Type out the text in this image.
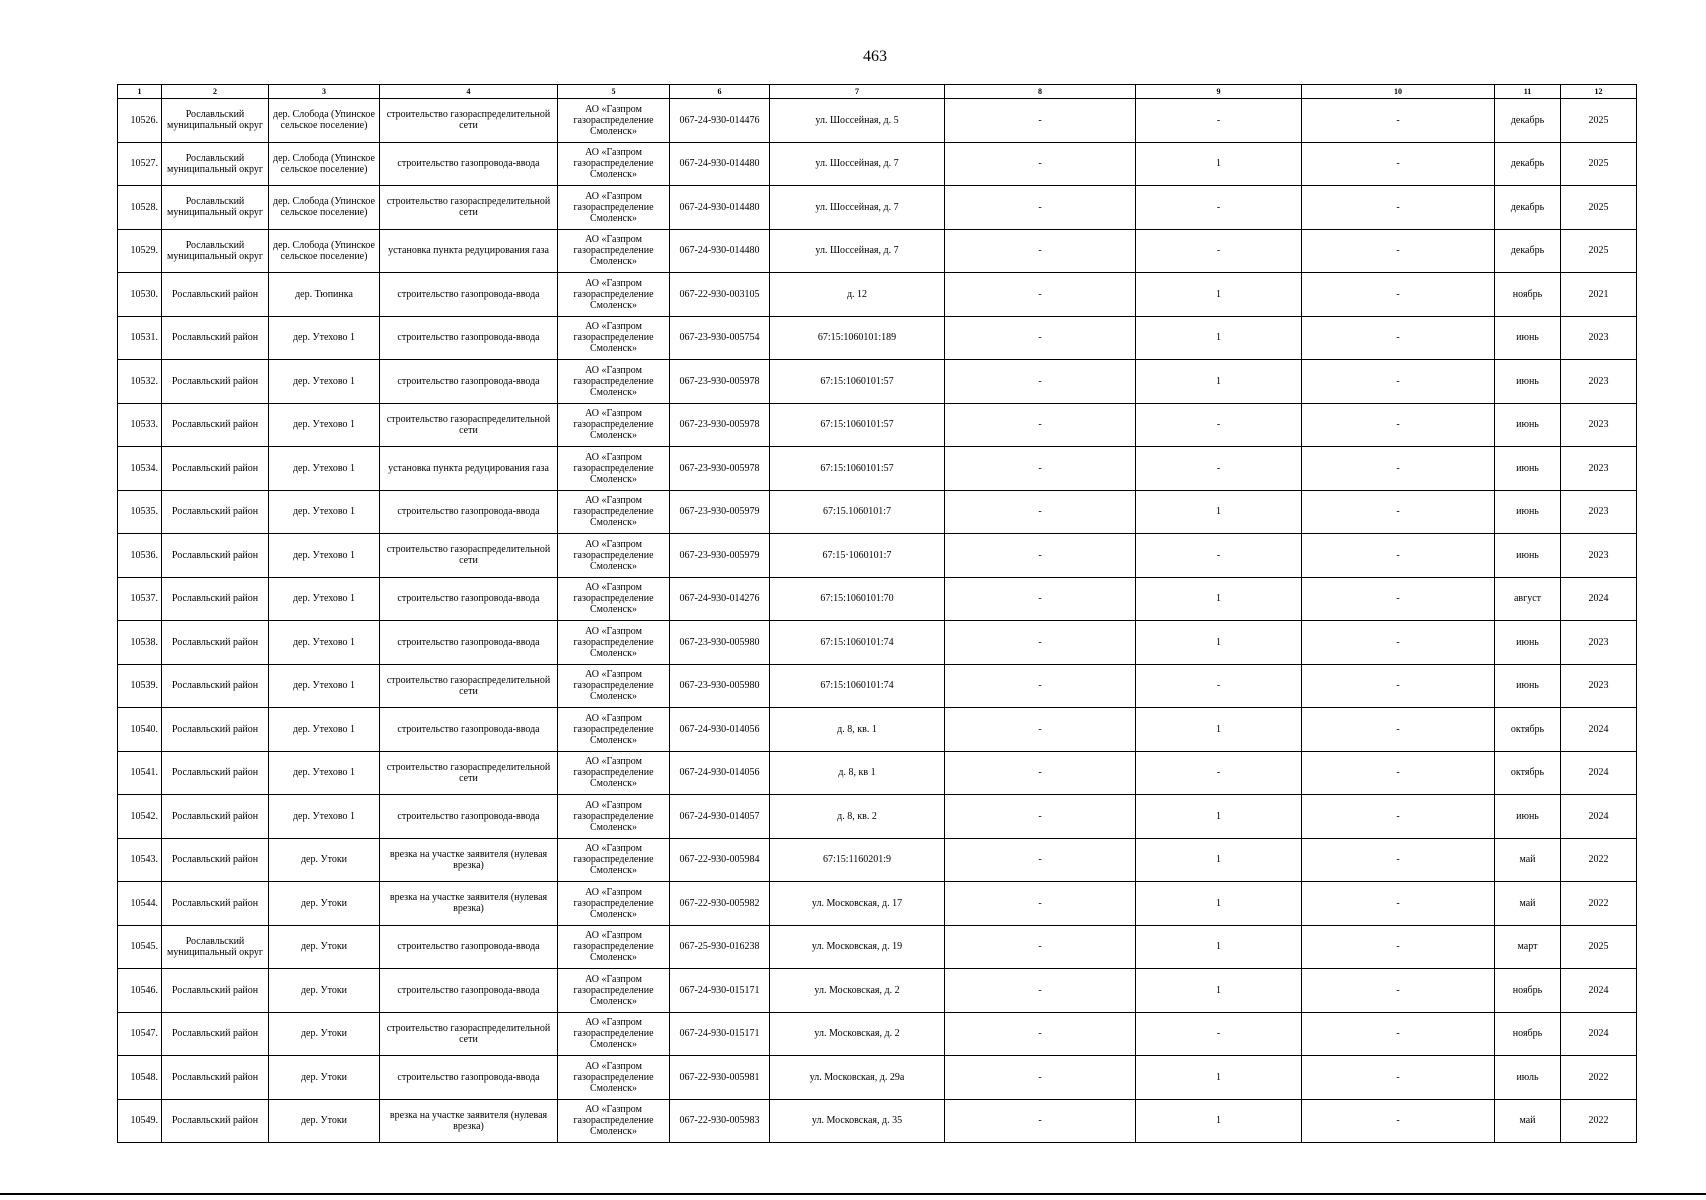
463
1	2	3	4	5	6	7	8	9	10	11	12
10526.	Рославльский муниципальный округ	дер. Слобода (Упинское сельское поселение)	строительство газораспределительной сети	АО «Газпром газораспределение Смоленск»	067-24-930-014476	ул. Шоссейная, д. 5	-	-	-	декабрь	2025
10527.	Рославльский муниципальный округ	дер. Слобода (Упинское сельское поселение)	строительство газопровода-ввода	АО «Газпром газораспределение Смоленск»	067-24-930-014480	ул. Шоссейная, д. 7	-	1	-	декабрь	2025
10528.	Рославльский муниципальный округ	дер. Слобода (Упинское сельское поселение)	строительство газораспределительной сети	АО «Газпром газораспределение Смоленск»	067-24-930-014480	ул. Шоссейная, д. 7	-	-	-	декабрь	2025
10529.	Рославльский муниципальный округ	дер. Слобода (Упинское сельское поселение)	установка пункта редуцирования газа	АО «Газпром газораспределение Смоленск»	067-24-930-014480	ул. Шоссейная, д. 7	-	-	-	декабрь	2025
10530.	Рославльский район	дер. Тюпинка	строительство газопровода-ввода	АО «Газпром газораспределение Смоленск»	067-22-930-003105	д. 12	-	1	-	ноябрь	2021
10531.	Рославльский район	дер. Утехово 1	строительство газопровода-ввода	АО «Газпром газораспределение Смоленск»	067-23-930-005754	67:15:1060101:189	-	1	-	июнь	2023
10532.	Рославльский район	дер. Утехово 1	строительство газопровода-ввода	АО «Газпром газораспределение Смоленск»	067-23-930-005978	67:15:1060101:57	-	1	-	июнь	2023
10533.	Рославльский район	дер. Утехово 1	строительство газораспределительной сети	АО «Газпром газораспределение Смоленск»	067-23-930-005978	67:15:1060101:57	-	-	-	июнь	2023
10534.	Рославльский район	дер. Утехово 1	установка пункта редуцирования газа	АО «Газпром газораспределение Смоленск»	067-23-930-005978	67:15:1060101:57	-	-	-	июнь	2023
10535.	Рославльский район	дер. Утехово 1	строительство газопровода-ввода	АО «Газпром газораспределение Смоленск»	067-23-930-005979	67:15.1060101:7	-	1	-	июнь	2023
10536.	Рославльский район	дер. Утехово 1	строительство газораспределительной сети	АО «Газпром газораспределение Смоленск»	067-23-930-005979	67:15·1060101:7	-	-	-	июнь	2023
10537.	Рославльский район	дер. Утехово 1	строительство газопровода-ввода	АО «Газпром газораспределение Смоленск»	067-24-930-014276	67:15:1060101:70	-	1	-	август	2024
10538.	Рославльский район	дер. Утехово 1	строительство газопровода-ввода	АО «Газпром газораспределение Смоленск»	067-23-930-005980	67:15:1060101:74	-	1	-	июнь	2023
10539.	Рославльский район	дер. Утехово 1	строительство газораспределительной сети	АО «Газпром газораспределение Смоленск»	067-23-930-005980	67:15:1060101:74	-	-	-	июнь	2023
10540.	Рославльский район	дер. Утехово 1	строительство газопровода-ввода	АО «Газпром газораспределение Смоленск»	067-24-930-014056	д. 8, кв. 1	-	1	-	октябрь	2024
10541.	Рославльский район	дер. Утехово 1	строительство газораспределительной сети	АО «Газпром газораспределение Смоленск»	067-24-930-014056	д. 8, кв 1	-	-	-	октябрь	2024
10542.	Рославльский район	дер. Утехово 1	строительство газопровода-ввода	АО «Газпром газораспределение Смоленск»	067-24-930-014057	д. 8, кв. 2	-	1	-	июнь	2024
10543.	Рославльский район	дер. Утоки	врезка на участке заявителя (нулевая врезка)	АО «Газпром газораспределение Смоленск»	067-22-930-005984	67:15:1160201:9	-	1	-	май	2022
10544.	Рославльский район	дер. Утоки	врезка на участке заявителя (нулевая врезка)	АО «Газпром газораспределение Смоленск»	067-22-930-005982	ул. Московская, д. 17	-	1	-	май	2022
10545.	Рославльский муниципальный округ	дер. Утоки	строительство газопровода-ввода	АО «Газпром газораспределение Смоленск»	067-25-930-016238	ул. Московская, д. 19	-	1	-	март	2025
10546.	Рославльский район	дер. Утоки	строительство газопровода-ввода	АО «Газпром газораспределение Смоленск»	067-24-930-015171	ул. Московская, д. 2	-	1	-	ноябрь	2024
10547.	Рославльский район	дер. Утоки	строительство газораспределительной сети	АО «Газпром газораспределение Смоленск»	067-24-930-015171	ул. Московская, д. 2	-	-	-	ноябрь	2024
10548.	Рославльский район	дер. Утоки	строительство газопровода-ввода	АО «Газпром газораспределение Смоленск»	067-22-930-005981	ул. Московская, д. 29а	-	1	-	июль	2022
10549.	Рославльский район	дер. Утоки	врезка на участке заявителя (нулевая врезка)	АО «Газпром газораспределение Смоленск»	067-22-930-005983	ул. Московская, д. 35	-	1	-	май	2022
